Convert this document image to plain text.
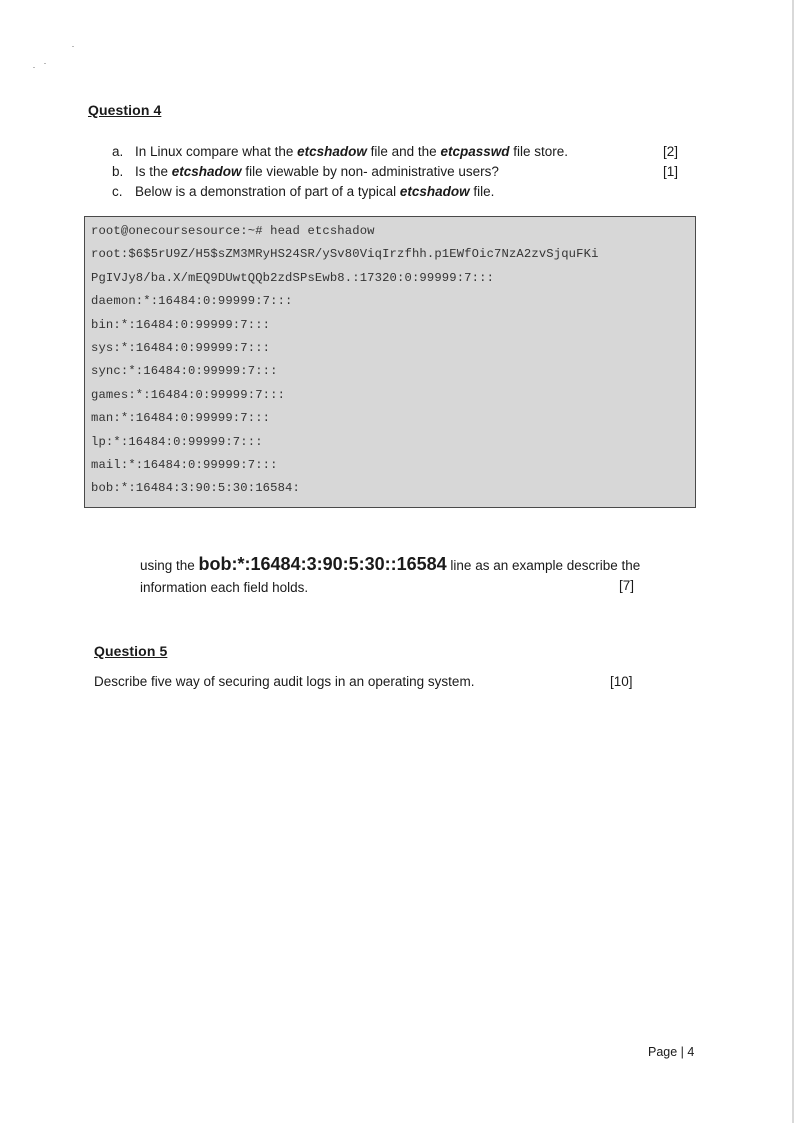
Question 4
a. In Linux compare what the etcshadow file and the etcpasswd file store.	[2]
b. Is the etcshadow file viewable by non- administrative users?	[1]
c. Below is a demonstration of part of a typical etcshadow file.
root@onecoursesource:~# head etcshadow
root:$6$5rU9Z/H5$sZM3MRyHS24SR/ySv80ViqIrzfhh.p1EWfOic7NzA2zvSjquFKi
PgIVJy8/ba.X/mEQ9DUwtQQb2zdSPsEwb8.:17320:0:99999:7:::
daemon:*:16484:0:99999:7:::
bin:*:16484:0:99999:7:::
sys:*:16484:0:99999:7:::
sync:*:16484:0:99999:7:::
games:*:16484:0:99999:7:::
man:*:16484:0:99999:7:::
lp:*:16484:0:99999:7:::
mail:*:16484:0:99999:7:::
bob:*:16484:3:90:5:30:16584:
using the bob:*:16484:3:90:5:30::16584 line as an example describe the
information each field holds.	[7]
Question 5
Describe five way of securing audit logs in an operating system.	[10]
Page | 4
